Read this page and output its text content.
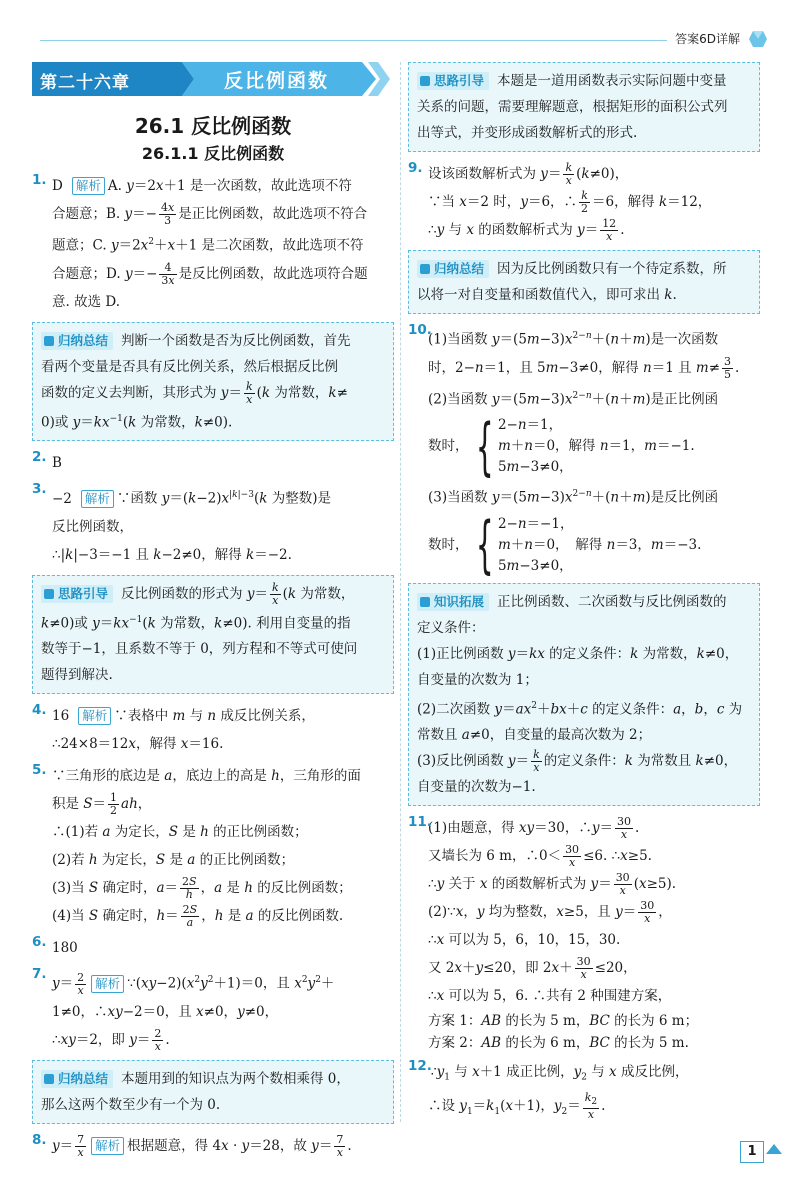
答案6D详解
第二十六章	反比例函数
26.1 反比例函数
26.1.1 反比例函数
1. D 解析 A. y＝2x＋1 是一次函数，故此选项不符
合题意；B. $y=- \frac{4x}{3}$ 是正比例函数，故此选项不符合
题意；C. $y=2x^2+x+1$ 是二次函数，故此选项不符
合题意；D. $y=- \frac{4}{3x}$ 是反比例函数，故此选项符合题
意. 故选 D.
归纳总结 判断一个函数是否为反比例函数，首先
看两个变量是否具有反比例关系，然后根据反比例
函数的定义去判断，其形式为 $y= \frac{k}{x} (k$ 为常数，k≠
0)或 $y=kx^{-1}(k$ 为常数，k≠0).
2. B
3.
−2 解析 ∵函数 $y=(k-2)x^{|k|-3}(k$ 为整数)是
反比例函数，
∴|k|−3＝−1 且 k−2≠0，解得 k＝−2.
思路引导 反比例函数的形式为 $y= \frac{k}{x} (k$ 为常数，
k≠0)或 $y=kx^{-1}(k$ 为常数，k≠0). 利用自变量的指
数等于−1，且系数不等于 0，列方程和不等式可使问
题得到解决.
4. 16 解析 ∵表格中 m 与 n 成反比例关系，
∴24×8＝12x，解得 x＝16.
5. ∵三角形的底边是 a，底边上的高是 h，三角形的面
积是 $S= \frac{1}{2}$ ah，
∴(1)若 a 为定长，S 是 h 的正比例函数；
(2)若 h 为定长，S 是 a 的正比例函数；
(3)当 S 确定时，$a= \frac{2S}{h}$ ，a 是 h 的反比例函数；
(4)当 S 确定时，$h= \frac{2S}{a}$ ，h 是 a 的反比例函数.
6. 180
7.
$y= \frac{2}{x}$ 解析 $\because(xy-2)(x^2y^2+1)=0$，且 $x^2y^2+$
1≠0，∴xy−2＝0，且 x≠0，y≠0，
∴xy＝2，即 $y= \frac{2}{x}$ .
归纳总结 本题用到的知识点为两个数相乘得 0，
那么这两个数至少有一个为 0.
8. $y= \frac{7}{x}$ 解析 根据题意，得 4x · y＝28，故 $y= \frac{7}{x}$ .
思路引导 本题是一道用函数表示实际问题中变量
关系的问题，需要理解题意，根据矩形的面积公式列
出等式，并变形成函数解析式的形式.
9. 设该函数解析式为 $y= \frac{k}{x} (k\ne 0)$，
∵当 x＝2 时，y＝6，∴ $\frac{k}{2} =6$，解得 k＝12，
∴y 与 x 的函数解析式为 $y= \frac{12}{x}$ .
归纳总结 因为反比例函数只有一个待定系数，所
以将一对自变量和函数值代入，即可求出 k.
10.
(1)当函数 $y=(5m-3)x^{2-n}+(n+m)$是一次函数
时，2−n＝1，且 5m−3≠0，解得 n＝1 且 $m\ne \frac{3}{5}$ .
(2)当函数 $y=(5m-3)x^{2-n}+(n+m)$是正比例函
数时， { 2−n＝1，
m＋n＝0，解得 n＝1，m＝−1.
5m−3≠0，
(3)当函数 $y=(5m-3)x^{2-n}+(n+m)$是反比例函
数时， { 2−n＝−1，
m＋n＝0，　解得 n＝3，m＝−3.
5m−3≠0，
知识拓展 正比例函数、二次函数与反比例函数的
定义条件：
(1)正比例函数 y＝kx 的定义条件：k 为常数，k≠0，
自变量的次数为 1；
(2)二次函数 $y=ax^2+bx+c$ 的定义条件：a，b，c 为
常数且 a≠0，自变量的最高次数为 2；
(3)反比例函数 $y= \frac{k}{x}$ 的定义条件：k 为常数且 k≠0，
自变量的次数为−1.
11.
(1)由题意，得 xy＝30，∴y＝ $\frac{30}{x}$ .
又墙长为 6 m，∴0＜ $\frac{30}{x} \le 6$. ∴x≥5.
∴y 关于 x 的函数解析式为 $y= \frac{30}{x} (x\ge 5)$.
(2)∵x，y 均为整数，x≥5，且 $y= \frac{30}{x}$ ，
∴x 可以为 5，6，10，15，30.
又 2x＋y≤20，即 $2x+ \frac{30}{x} \le 20$，
∴x 可以为 5，6. ∴共有 2 种围建方案，
方案 1：AB 的长为 5 m，BC 的长为 6 m；
方案 2：AB 的长为 6 m，BC 的长为 5 m.
12.
$\because y_1$ 与 x＋1 成正比例，$y_2$ 与 x 成反比例，
∴设 $y_1=k_1(x+1)$，$y_2= \frac{k_2}{x}$ .
1
